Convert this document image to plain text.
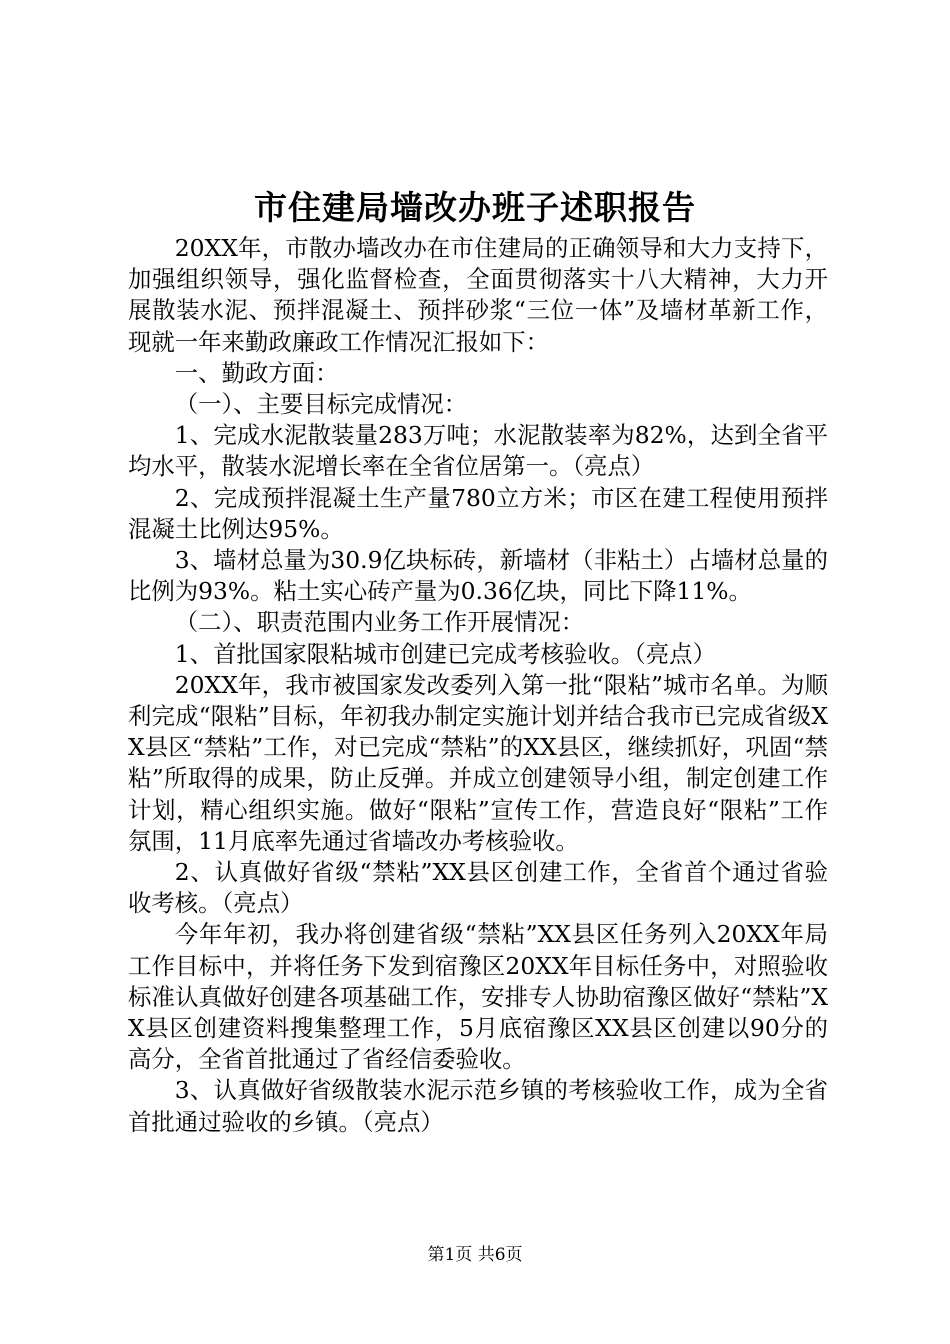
市住建局墙改办班子述职报告

20XX年，市散办墙改办在市住建局的正确领导和大力支持下，加强组织领导，强化监督检查，全面贯彻落实十八大精神，大力开展散装水泥、预拌混凝土、预拌砂浆“三位一体”及墙材革新工作，现就一年来勤政廉政工作情况汇报如下：

一、勤政方面：

（一）、主要目标完成情况：

1、完成水泥散装量283万吨；水泥散装率为82%，达到全省平均水平，散装水泥增长率在全省位居第一。（亮点）

2、完成预拌混凝土生产量780立方米；市区在建工程使用预拌混凝土比例达95%。

3、墙材总量为30.9亿块标砖，新墙材（非粘土）占墙材总量的比例为93%。粘土实心砖产量为0.36亿块，同比下降11%。

（二）、职责范围内业务工作开展情况：

1、首批国家限粘城市创建已完成考核验收。（亮点）

20XX年，我市被国家发改委列入第一批“限粘”城市名单。为顺利完成“限粘”目标，年初我办制定实施计划并结合我市已完成省级XX县区“禁粘”工作，对已完成“禁粘”的XX县区，继续抓好，巩固“禁粘”所取得的成果，防止反弹。并成立创建领导小组，制定创建工作计划，精心组织实施。做好“限粘”宣传工作，营造良好“限粘”工作氛围，11月底率先通过省墙改办考核验收。

2、认真做好省级“禁粘”XX县区创建工作，全省首个通过省验收考核。（亮点）

今年年初，我办将创建省级“禁粘”XX县区任务列入20XX年局工作目标中，并将任务下发到宿豫区20XX年目标任务中，对照验收标准认真做好创建各项基础工作，安排专人协助宿豫区做好“禁粘”XX县区创建资料搜集整理工作，5月底宿豫区XX县区创建以90分的高分，全省首批通过了省经信委验收。

3、认真做好省级散装水泥示范乡镇的考核验收工作，成为全省首批通过验收的乡镇。（亮点）

第1页 共6页
